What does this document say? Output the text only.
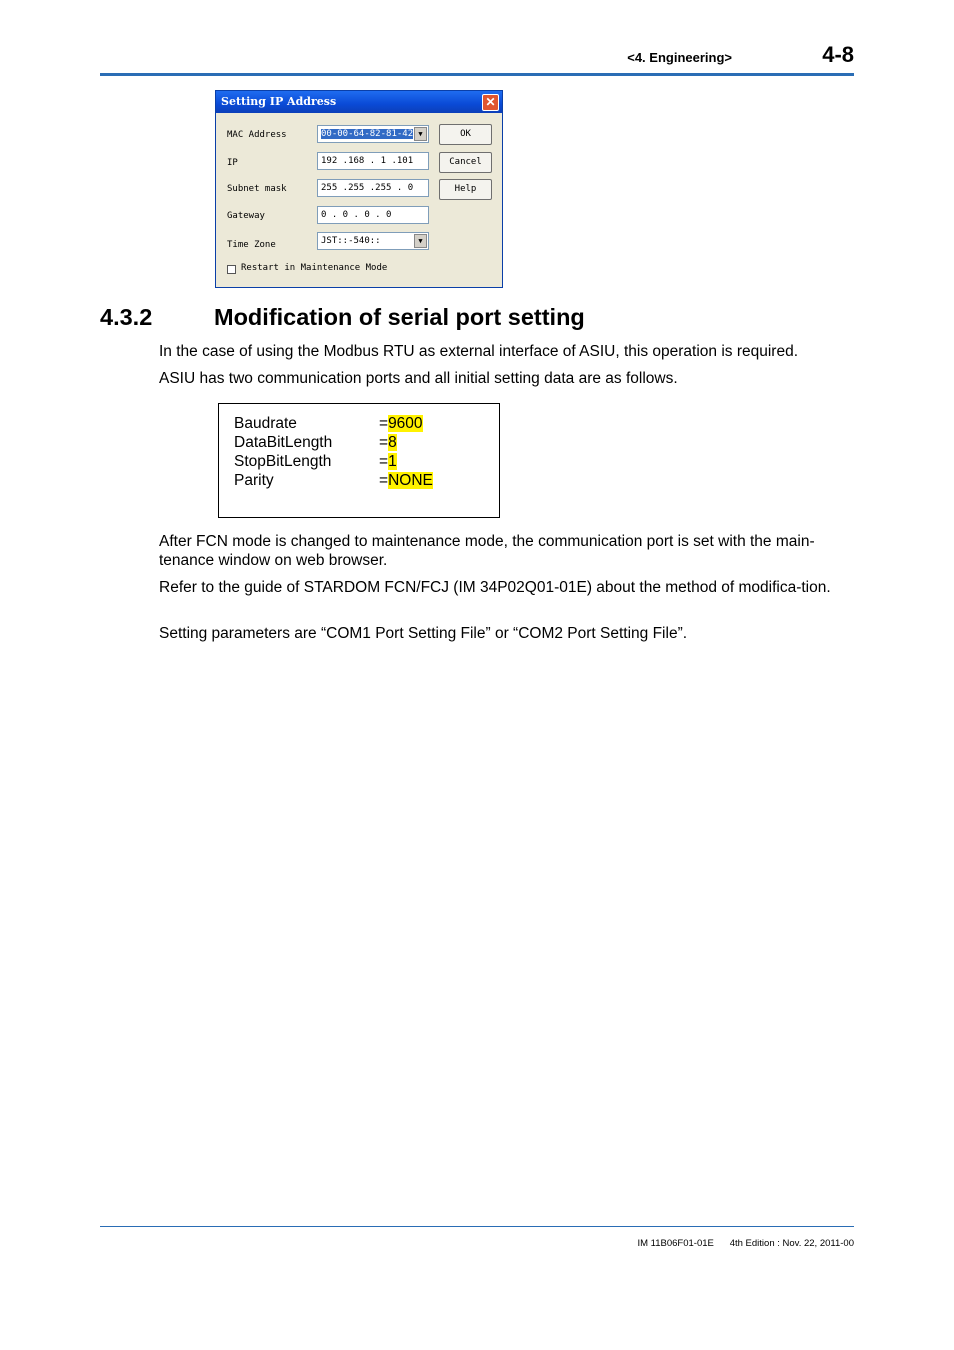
<4. Engineering>	4-8
Setting IP Address	✕
MAC Address	00-00-64-82-81-42 ▼
IP	192 .168 . 1 .101
Subnet mask	255 .255 .255 . 0
Gateway	0 . 0 . 0 . 0
Time Zone	JST::-540::	▼
OK
Cancel
Help
Restart in Maintenance Mode
4.3.2	Modification of serial port setting

In the case of using the Modbus RTU as external interface of ASIU, this operation is required.

ASIU has two communication ports and all initial setting data are as follows.

Baudrate	=9600
DataBitLength	=8
StopBitLength	=1
Parity	=NONE

After FCN mode is changed to maintenance mode, the communication port is set with the main-tenance window on web browser.

Refer to the guide of STARDOM FCN/FCJ (IM 34P02Q01-01E) about the method of modifica-tion.

Setting parameters are “COM1 Port Setting File” or “COM2 Port Setting File”.

IM 11B06F01-01E 4th Edition : Nov. 22, 2011-00
